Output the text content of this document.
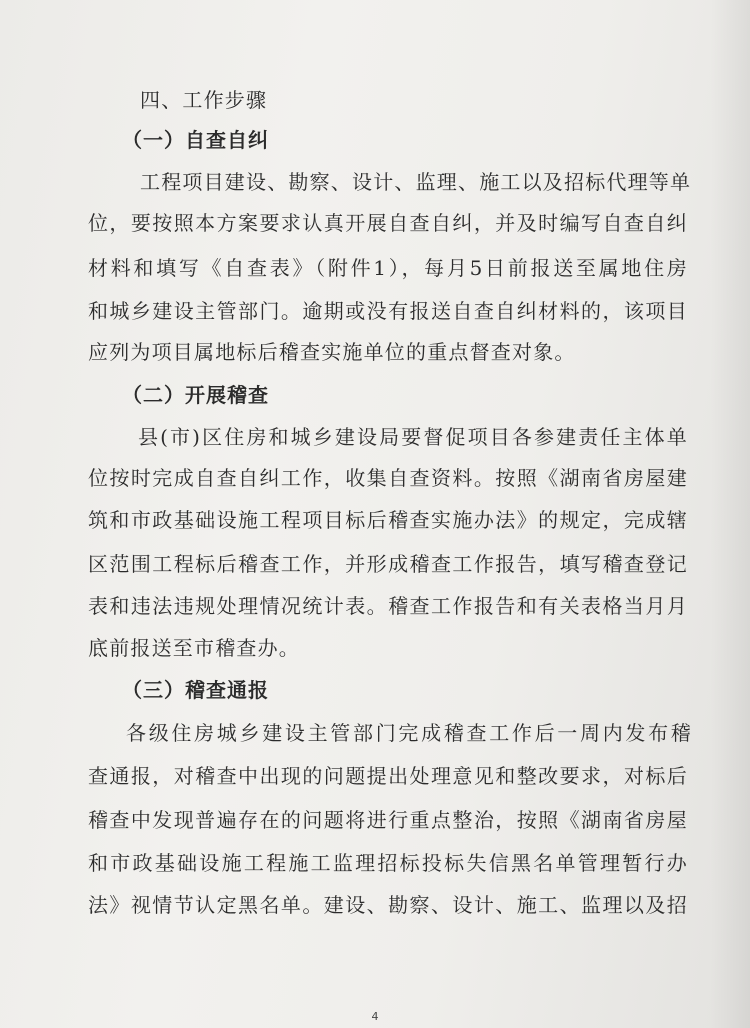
四、工作步骤
（一）自查自纠
工程项目建设、勘察、设计、监理、施工以及招标代理等单
位，要按照本方案要求认真开展自查自纠，并及时编写自查自纠
材料和填写《自查表》（附件1），每月5日前报送至属地住房
和城乡建设主管部门。逾期或没有报送自查自纠材料的，该项目
应列为项目属地标后稽查实施单位的重点督查对象。
（二）开展稽查
县(市)区住房和城乡建设局要督促项目各参建责任主体单
位按时完成自查自纠工作，收集自查资料。按照《湖南省房屋建
筑和市政基础设施工程项目标后稽查实施办法》的规定，完成辖
区范围工程标后稽查工作，并形成稽查工作报告，填写稽查登记
表和违法违规处理情况统计表。稽查工作报告和有关表格当月月
底前报送至市稽查办。
（三）稽查通报
各级住房城乡建设主管部门完成稽查工作后一周内发布稽
查通报，对稽查中出现的问题提出处理意见和整改要求，对标后
稽查中发现普遍存在的问题将进行重点整治，按照《湖南省房屋
和市政基础设施工程施工监理招标投标失信黑名单管理暂行办
法》视情节认定黑名单。建设、勘察、设计、施工、监理以及招
4
